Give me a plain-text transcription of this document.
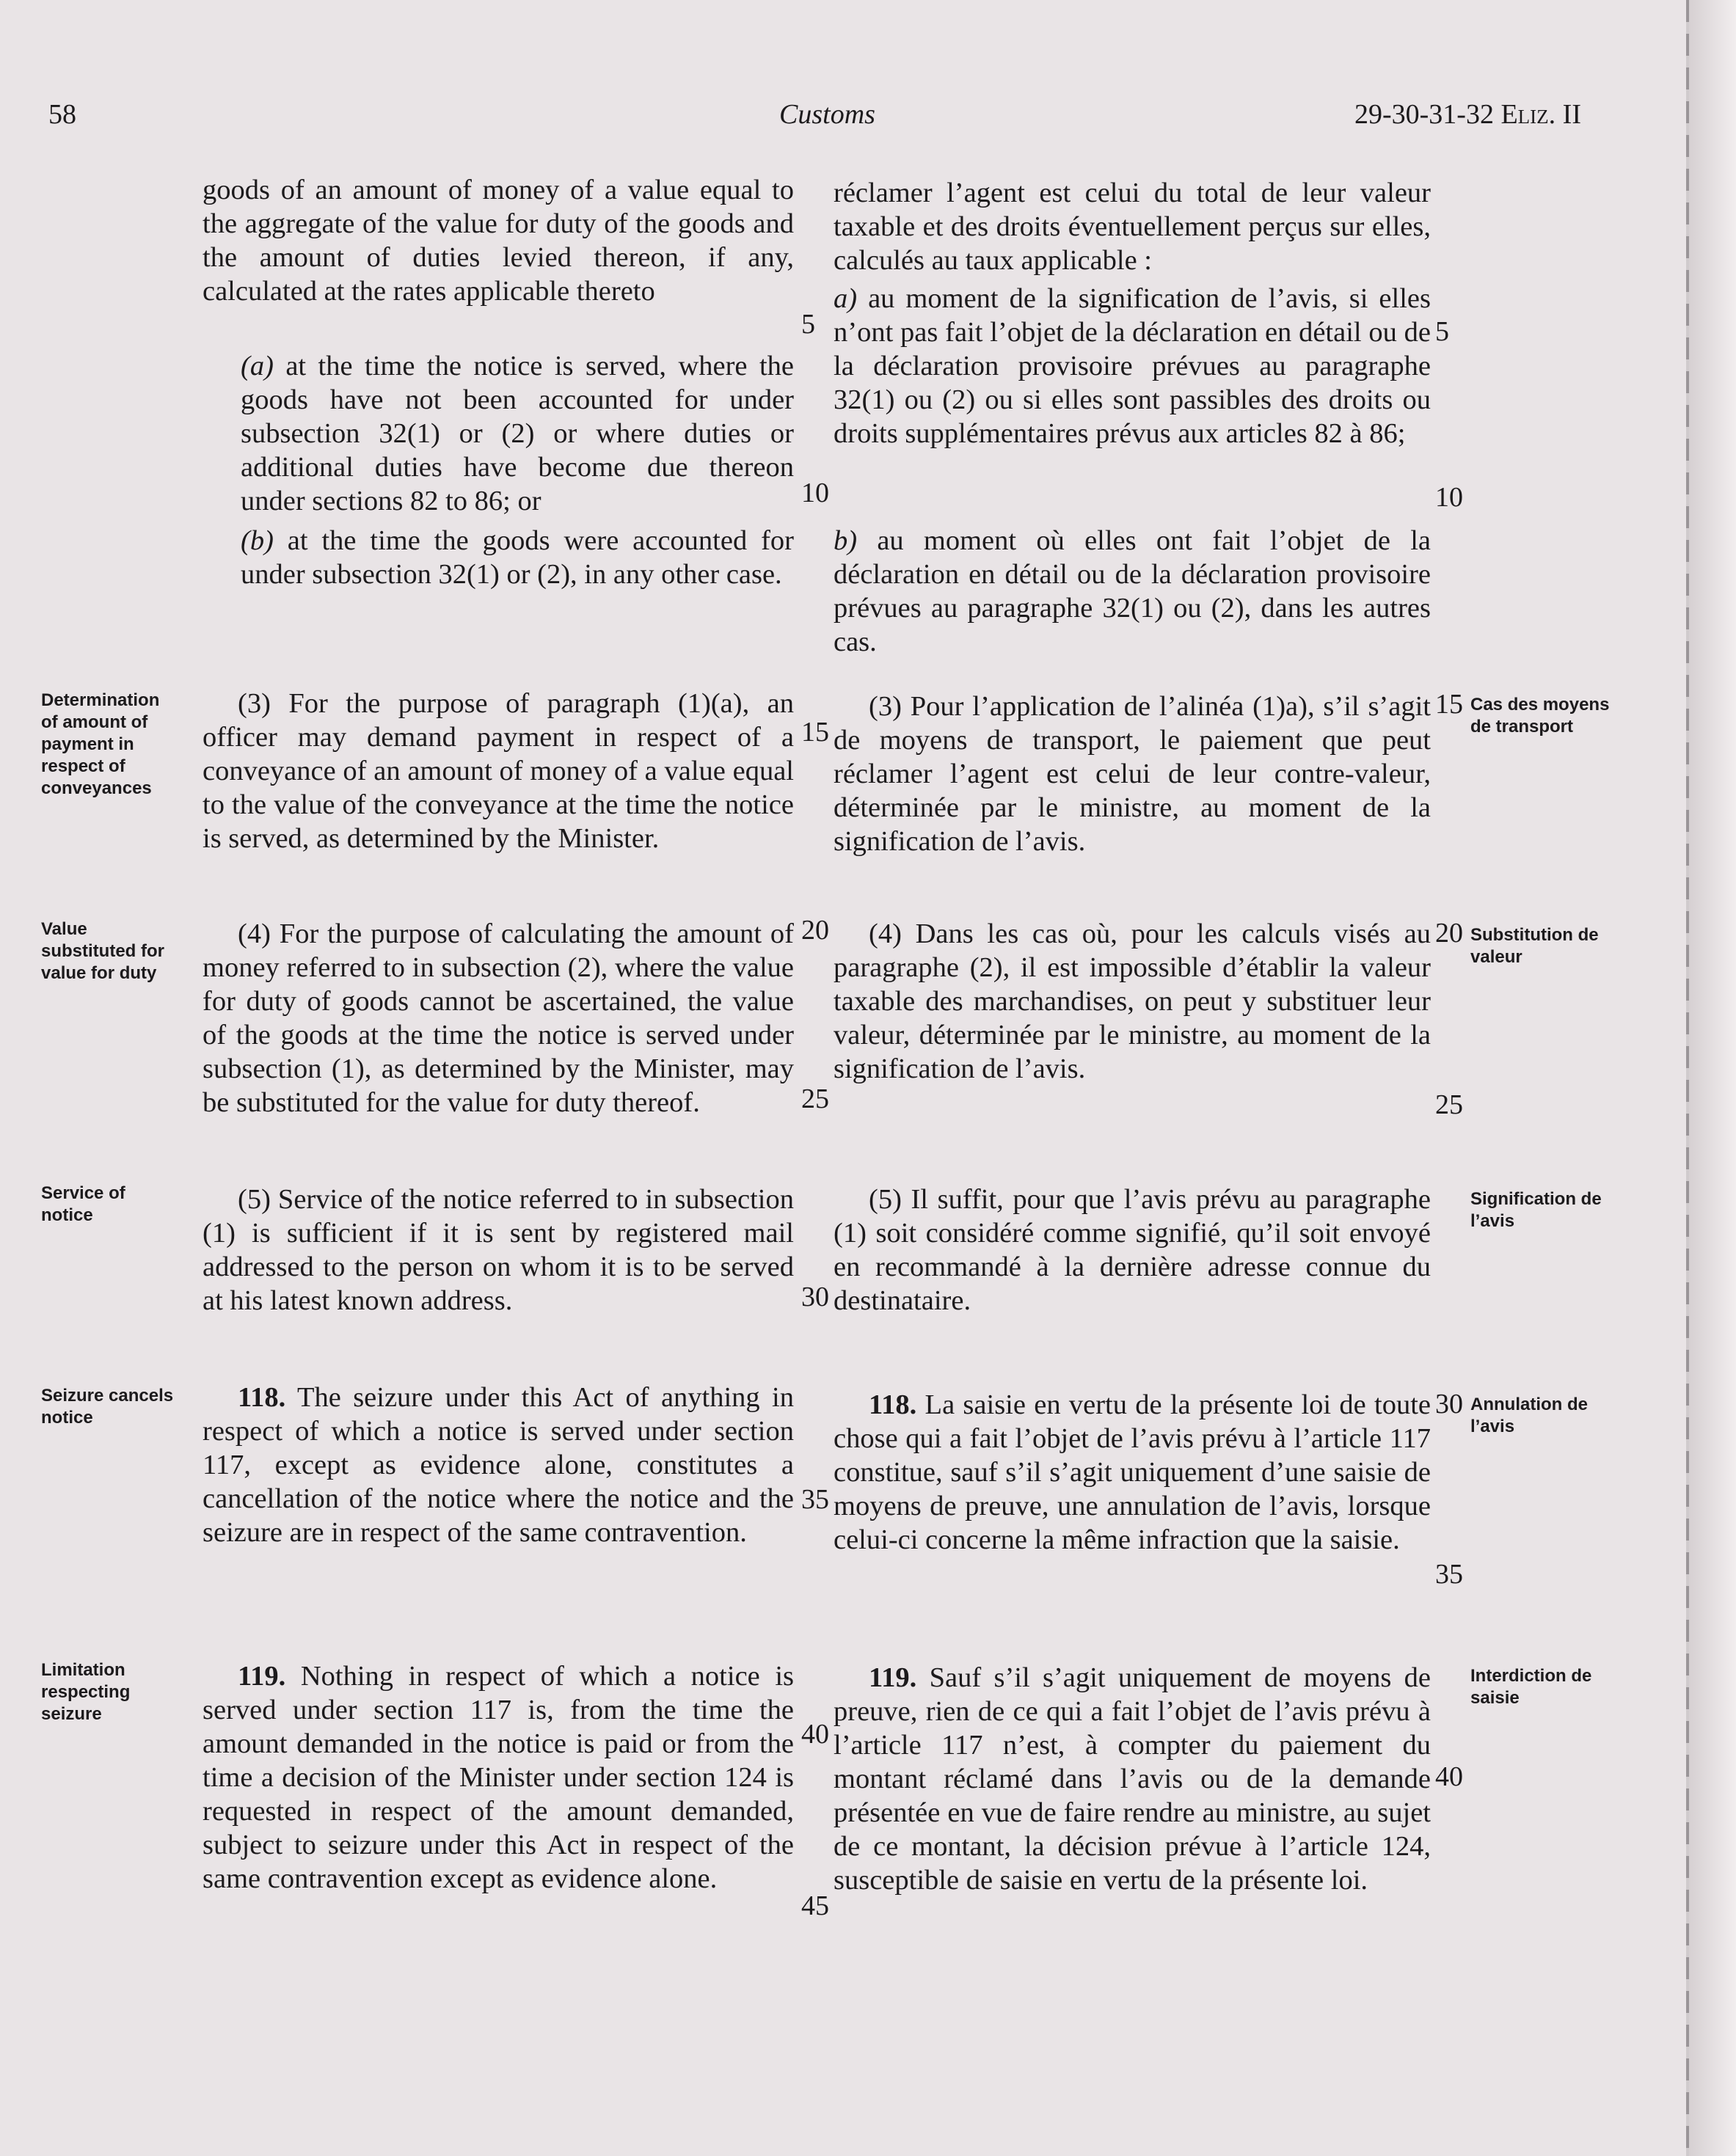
58	Customs	29-30-31-32 Eliz. II
goods of an amount of money of a value equal to the aggregate of the value for duty of the goods and the amount of duties levied thereon, if any, calculated at the rates applicable thereto
(a) at the time the notice is served, where the goods have not been accounted for under subsection 32(1) or (2) or where duties or additional duties have become due thereon under sections 82 to 86; or
(b) at the time the goods were accounted for under subsection 32(1) or (2), in any other case.
(3) For the purpose of paragraph (1)(a), an officer may demand payment in respect of a conveyance of an amount of money of a value equal to the value of the conveyance at the time the notice is served, as determined by the Minister.
(4) For the purpose of calculating the amount of money referred to in subsection (2), where the value for duty of goods cannot be ascertained, the value of the goods at the time the notice is served under subsection (1), as determined by the Minister, may be substituted for the value for duty thereof.
(5) Service of the notice referred to in subsection (1) is sufficient if it is sent by registered mail addressed to the person on whom it is to be served at his latest known address.
118. The seizure under this Act of anything in respect of which a notice is served under section 117, except as evidence alone, constitutes a cancellation of the notice where the notice and the seizure are in respect of the same contravention.
119. Nothing in respect of which a notice is served under section 117 is, from the time the amount demanded in the notice is paid or from the time a decision of the Minister under section 124 is requested in respect of the amount demanded, subject to seizure under this Act in respect of the same contravention except as evidence alone.
réclamer l’agent est celui du total de leur valeur taxable et des droits éventuellement perçus sur elles, calculés au taux applicable :
a) au moment de la signification de l’avis, si elles n’ont pas fait l’objet de la déclaration en détail ou de la déclaration provisoire prévues au paragraphe 32(1) ou (2) ou si elles sont passibles des droits ou droits supplémentaires prévus aux articles 82 à 86;
b) au moment où elles ont fait l’objet de la déclaration en détail ou de la déclaration provisoire prévues au paragraphe 32(1) ou (2), dans les autres cas.
(3) Pour l’application de l’alinéa (1)a), s’il s’agit de moyens de transport, le paiement que peut réclamer l’agent est celui de leur contre-valeur, déterminée par le ministre, au moment de la signification de l’avis.
(4) Dans les cas où, pour les calculs visés au paragraphe (2), il est impossible d’établir la valeur taxable des marchandises, on peut y substituer leur valeur, déterminée par le ministre, au moment de la signification de l’avis.
(5) Il suffit, pour que l’avis prévu au paragraphe (1) soit considéré comme signifié, qu’il soit envoyé en recommandé à la dernière adresse connue du destinataire.
118. La saisie en vertu de la présente loi de toute chose qui a fait l’objet de l’avis prévu à l’article 117 constitue, sauf s’il s’agit uniquement d’une saisie de moyens de preuve, une annulation de l’avis, lorsque celui-ci concerne la même infraction que la saisie.
119. Sauf s’il s’agit uniquement de moyens de preuve, rien de ce qui a fait l’objet de l’avis prévu à l’article 117 n’est, à compter du paiement du montant réclamé dans l’avis ou de la demande présentée en vue de faire rendre au ministre, au sujet de ce montant, la décision prévue à l’article 124, susceptible de saisie en vertu de la présente loi.
Determination of amount of payment in respect of conveyances
Value substituted for value for duty
Service of notice
Seizure cancels notice
Limitation respecting seizure
Cas des moyens de transport
Substitution de valeur
Signification de l’avis
Annulation de l’avis
Interdiction de saisie
5
10
15
20
25
30
35
40
45
5
10
15
20
25
30
35
40
